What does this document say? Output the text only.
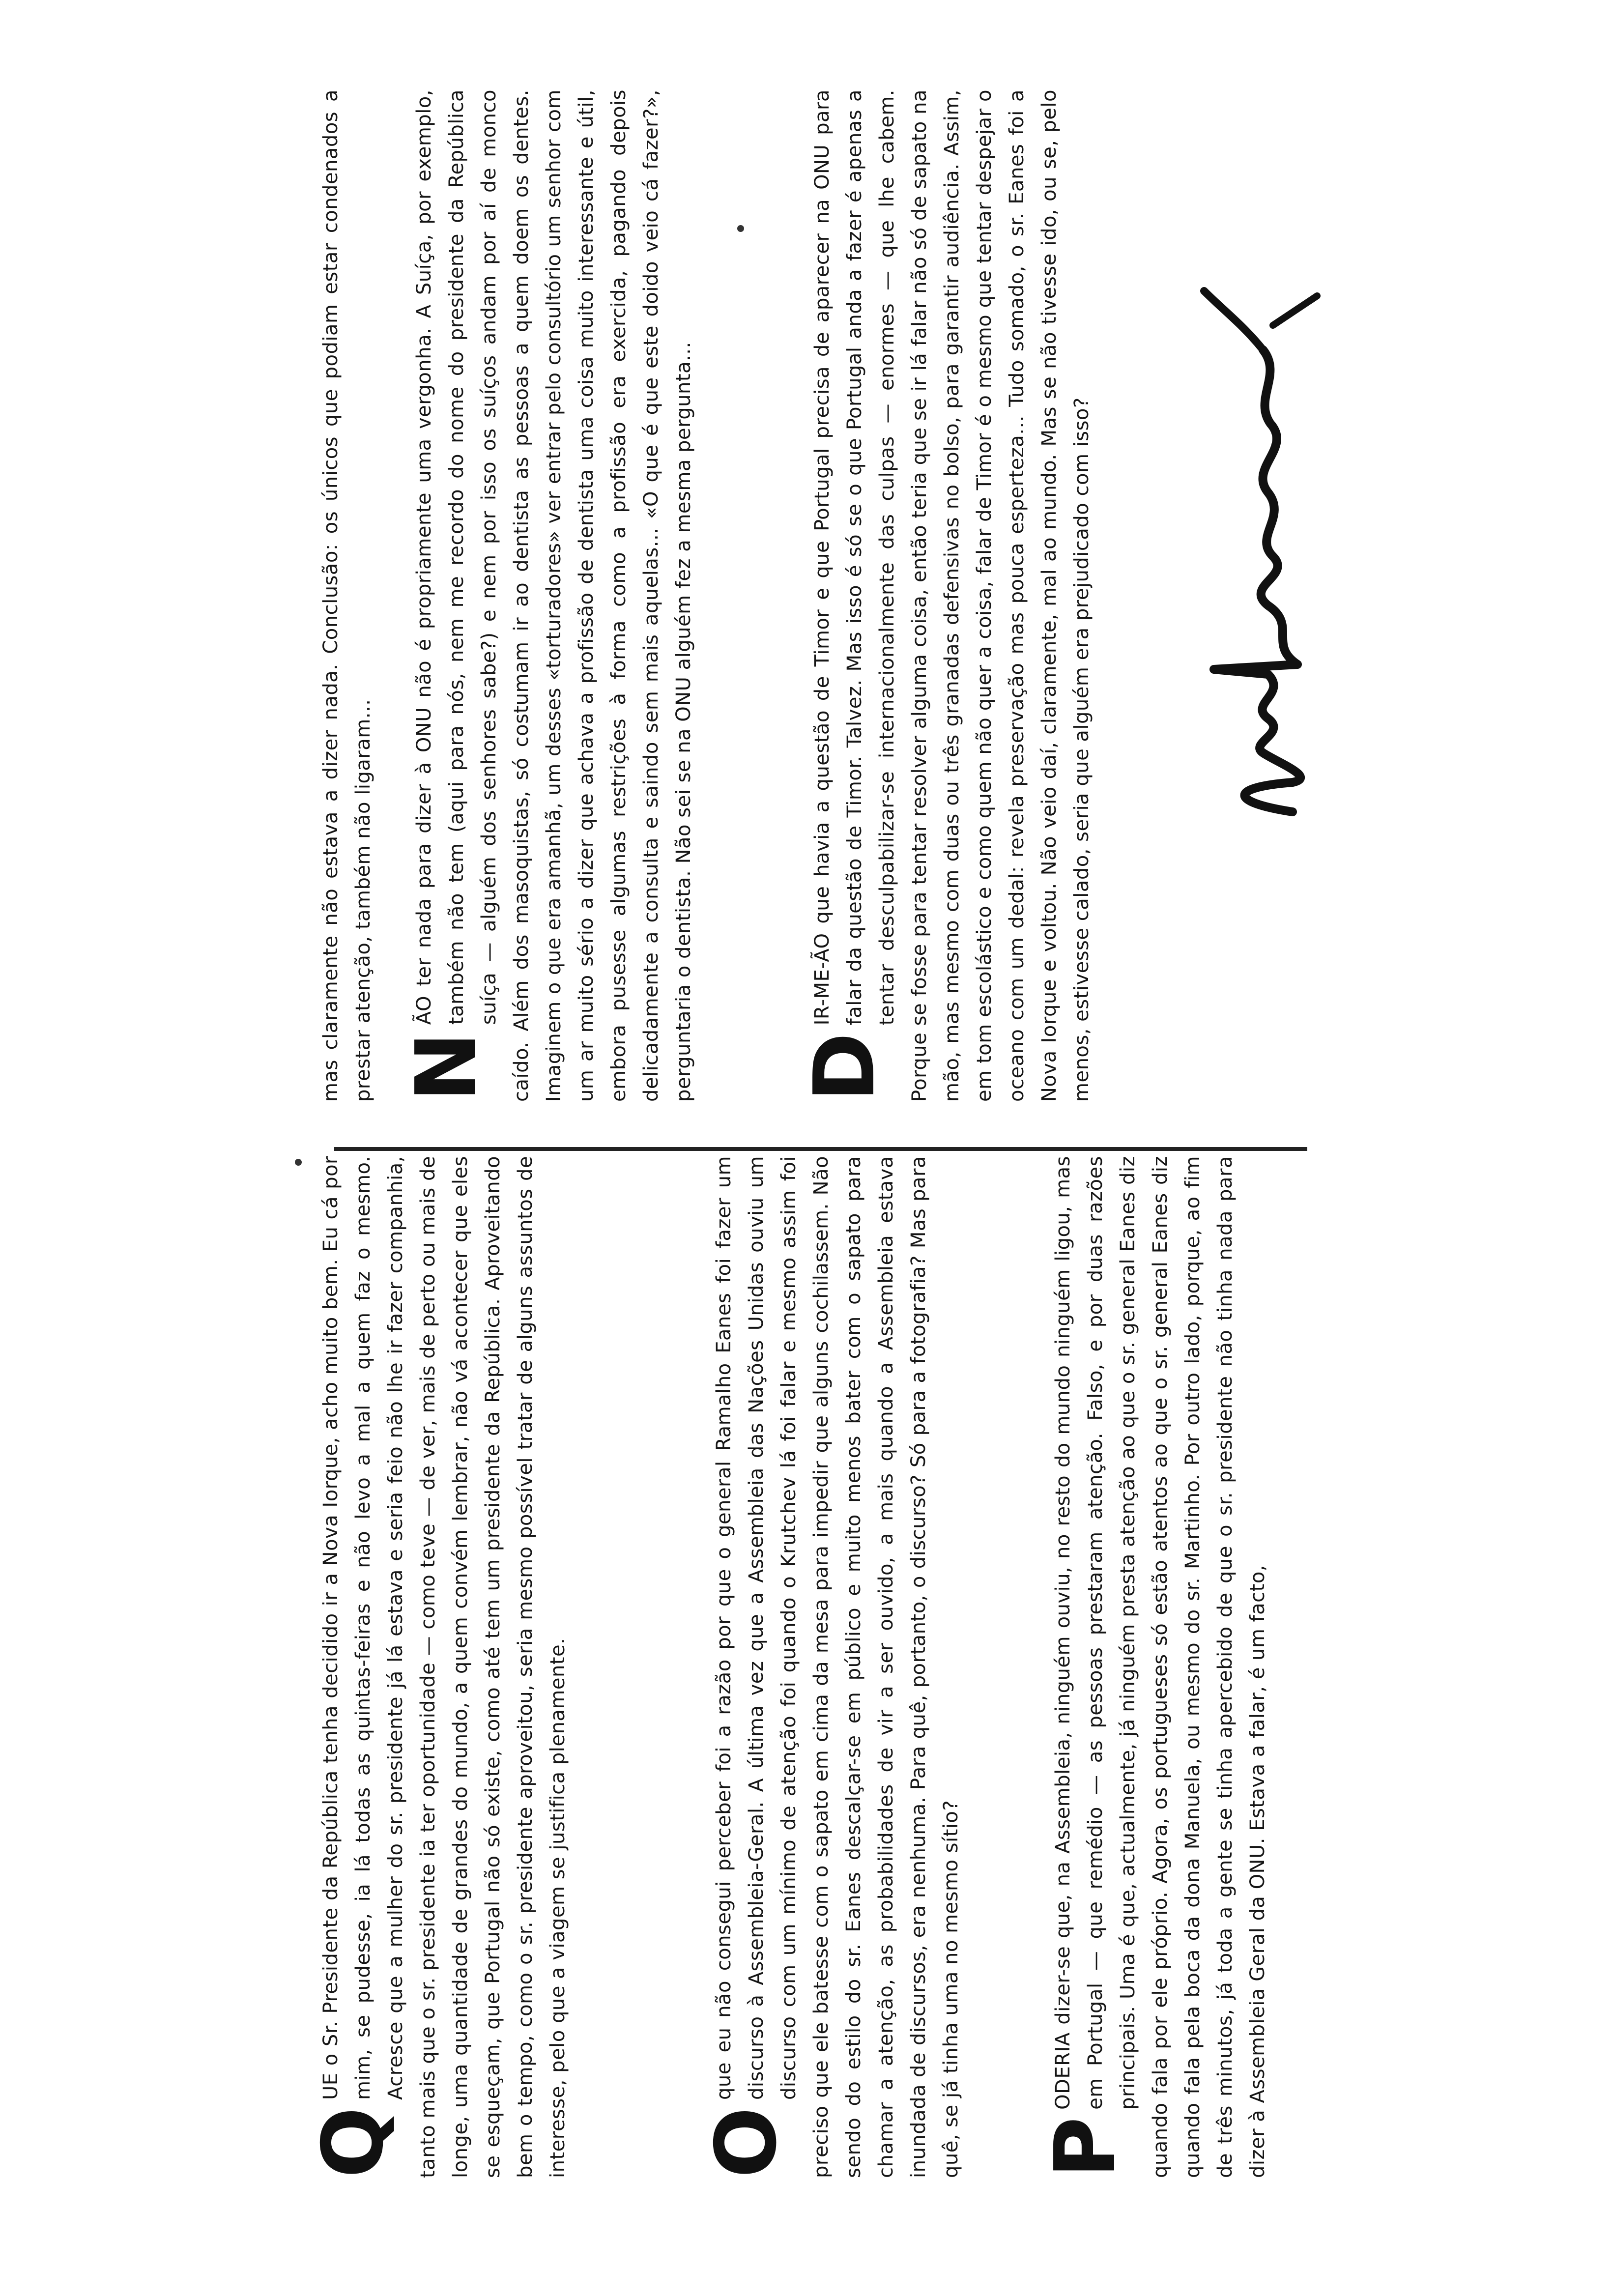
Q

UE o Sr. Presidente da República tenha decidido ir a Nova Iorque, acho muito bem. Eu cá por mim, se pudesse, ia lá todas as quintas-feiras e não levo a mal a quem faz o mesmo. Acresce que a mulher do sr. presidente já lá estava e seria feio não lhe ir fazer companhia, tanto mais que o sr. presidente ia ter oportunidade — como teve — de ver, mais de perto ou mais de longe, uma quantidade de grandes do mundo, a quem convém lembrar, não vá acontecer que eles se esqueçam, que Portugal não só existe, como até tem um presidente da República. Aproveitando bem o tempo, como o sr. presidente aproveitou, seria mesmo possível tratar de alguns assuntos de interesse, pelo que a viagem se justifica plenamente. O

que eu não consegui perceber foi a razão por que o general Ramalho Eanes foi fazer um discurso à Assembleia-Geral. A última vez que a Assembleia das Nações Unidas ouviu um discurso com um mínimo de atenção foi quando o Krutchev lá foi falar e mesmo assim foi preciso que ele batesse com o sapato em cima da mesa para impedir que alguns cochilassem. Não sendo do estilo do sr. Eanes descalçar-se em público e muito menos bater com o sapato para chamar a atenção, as probabilidades de vir a ser ouvido, a mais quando a Assembleia estava inundada de discursos, era nenhuma. Para quê, portanto, o discurso? Só para a fotografia? Mas para quê, se já tinha uma no mesmo sítio? P

ODERIA dizer-se que, na Assembleia, ninguém ouviu, no resto do mundo ninguém ligou, mas em Portugal — que remédio — as pessoas prestaram atenção. Falso, e por duas razões principais. Uma é que, actualmente, já ninguém presta atenção ao que o sr. general Eanes diz quando fala por ele próprio. Agora, os portugueses só estão atentos ao que o sr. general Eanes diz quando fala pela boca da dona Manuela, ou mesmo do sr. Martinho. Por outro lado, porque, ao fim de três minutos, já toda a gente se tinha apercebido de que o sr. presidente não tinha nada para dizer à Assembleia Geral da ONU. Estava a falar, é um facto,

mas claramente não estava a dizer nada. Conclusão: os únicos que podiam estar condenados a prestar atenção, também não ligaram... N

ÃO ter nada para dizer à ONU não é propriamente uma vergonha. A Suíça, por exemplo, também não tem (aqui para nós, nem me recordo do nome do presidente da República suíça — alguém dos senhores sabe?) e nem por isso os suíços andam por aí de monco caído. Além dos masoquistas, só costumam ir ao dentista as pessoas a quem doem os dentes. Imaginem o que era amanhã, um desses «torturadores» ver entrar pelo consultório um senhor com um ar muito sério a dizer que achava a profissão de dentista uma coisa muito interessante e útil, embora pusesse algumas restrições à forma como a profissão era exercida, pagando depois delicadamente a consulta e saindo sem mais aquelas... «O que é que este doido veio cá fazer?», perguntaria o dentista. Não sei se na ONU alguém fez a mesma pergunta... D

IR-ME-ÃO que havia a questão de Timor e que Portugal precisa de aparecer na ONU para falar da questão de Timor. Talvez. Mas isso é só se o que Portugal anda a fazer é apenas a tentar desculpabilizar-se internacionalmente das culpas — enormes — que lhe cabem. Porque se fosse para tentar resolver alguma coisa, então teria que se ir lá falar não só de sapato na mão, mas mesmo com duas ou três granadas defensivas no bolso, para garantir audiência. Assim, em tom escolástico e como quem não quer a coisa, falar de Timor é o mesmo que tentar despejar o oceano com um dedal: revela preservação mas pouca esperteza... Tudo somado, o sr. Eanes foi a Nova Iorque e voltou. Não veio daí, claramente, mal ao mundo. Mas se não tivesse ido, ou se, pelo menos, estivesse calado, seria que alguém era prejudicado com isso?
